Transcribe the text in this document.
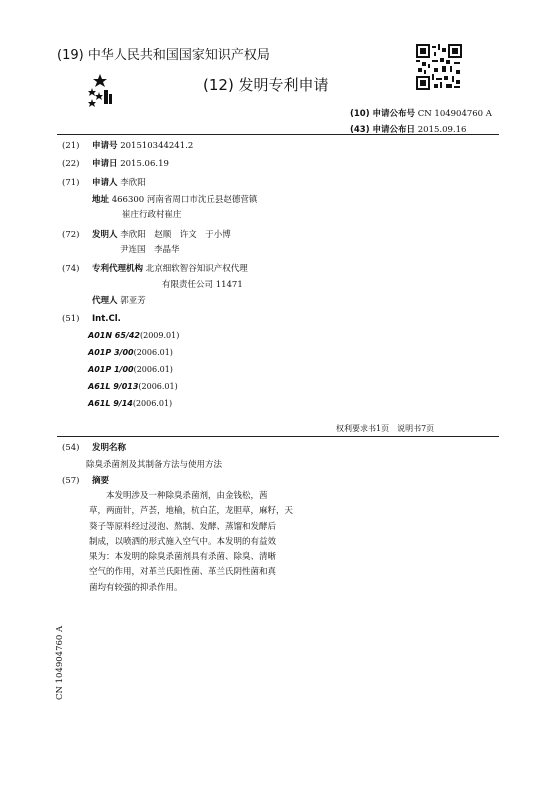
(19) 中华人民共和国国家知识产权局
(12) 发明专利申请
(10) 申请公布号 CN 104904760 A
(43) 申请公布日 2015.09.16
(21) 申请号 201510344241.2
(22) 申请日 2015.06.19
(71) 申请人 李欣阳
地址 466300 河南省周口市沈丘县赵德营镇
崔庄行政村崔庄
(72) 发明人 李欣阳　赵顺　许文　于小博
尹连国　李晶华
(74) 专利代理机构 北京细软智谷知识产权代理
有限责任公司 11471
代理人 郭亚芳
(51) Int.Cl.
A01N 65/42(2009.01)
A01P 3/00(2006.01)
A01P 1/00(2006.01)
A61L 9/013(2006.01)
A61L 9/14(2006.01)
权利要求书1页　说明书7页
(54) 发明名称
除臭杀菌剂及其制备方法与使用方法
(57) 摘要
本发明涉及一种除臭杀菌剂，由金钱松，茜
草，两面针，芦荟，地榆，杭白芷，龙胆草，麻籽，天
葵子等原料经过浸泡、熬制、发酵、蒸馏和发酵后
制成，以喷洒的形式施入空气中。本发明的有益效
果为：本发明的除臭杀菌剂具有杀菌、除臭、清晰
空气的作用，对革兰氏阳性菌、革兰氏阴性菌和真
菌均有较强的抑杀作用。
CN 104904760 A
